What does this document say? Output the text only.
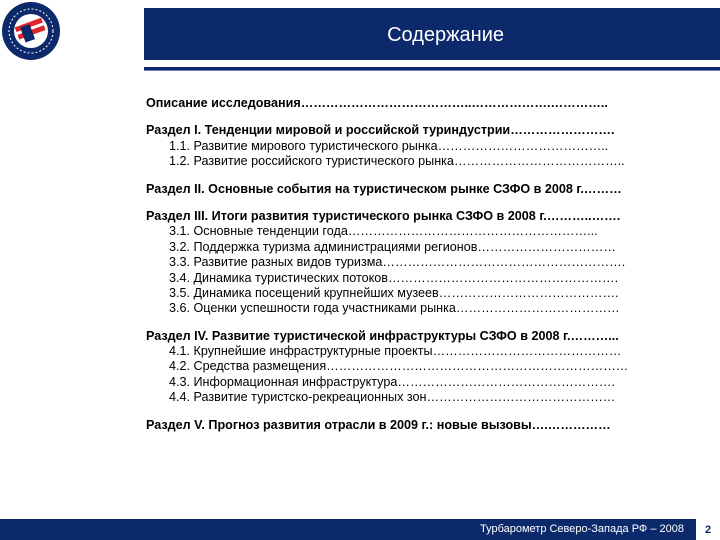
Содержание
Описание исследования …………………………………..……………….…………..
Раздел I. Тенденции мировой и российской туриндустрии …………………….
1.1. Развитие мирового туристического рынка …………………………………..
1.2. Развитие российского туристического рынка …………………………………..
Раздел II. Основные события на туристическом рынке СЗФО в 2008 г. ………
Раздел III. Итоги развития туристического рынка СЗФО в 2008 г. ………..…….
3.1. Основные тенденции года …………………………………………………...
3.2. Поддержка туризма администрациями регионов ……………………………
3.3. Развитие разных видов туризма ………………………………………………….
3.4. Динамика туристических потоков ……………………………………………….
3.5. Динамика посещений крупнейших музеев …………………………………….
3.6. Оценки успешности года участниками рынка …………………………………
Раздел IV. Развитие туристической инфраструктуры СЗФО в 2008 г. ………...
4.1. Крупнейшие инфраструктурные проекты ………………………………………
4.2. Средства размещения ………………………………………………………………
4.3. Информационная инфраструктура …………………………………………….
4.4. Развитие туристско-рекреационных зон ………………………………………
Раздел V. Прогноз развития отрасли в 2009 г.: новые вызовы ….……………
Турбарометр Северо-Запада РФ – 2008	2
